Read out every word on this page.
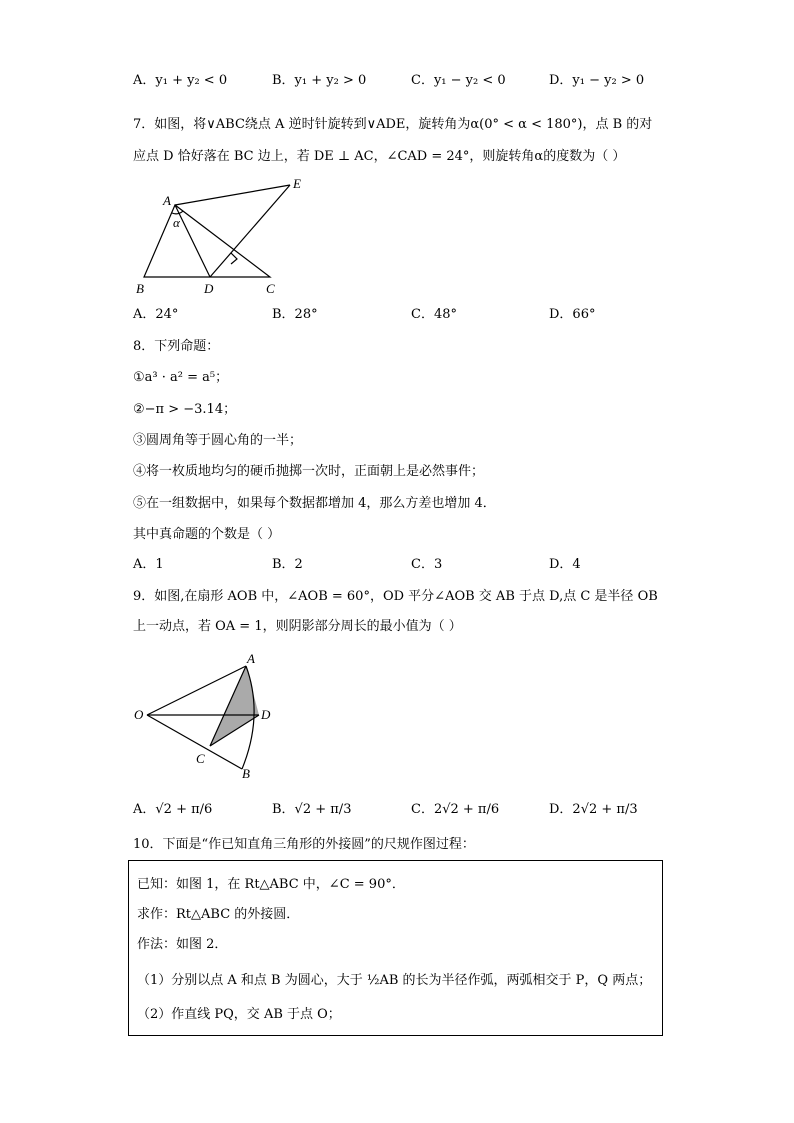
A．y₁ + y₂ < 0	B．y₁ + y₂ > 0	C．y₁ − y₂ < 0	D．y₁ − y₂ > 0
7．如图，将∨ABC绕点 A 逆时针旋转到∨ADE，旋转角为α(0° < α < 180°)，点 B 的对
应点 D 恰好落在 BC 边上，若 DE ⊥ AC，∠CAD = 24°，则旋转角α的度数为（ ）
A
E
B	D	C
α
A．24°	B．28°	C．48°	D．66°
8．下列命题：
①a³ · a² = a⁵；
②−π > −3.14；
③圆周角等于圆心角的一半；
④将一枚质地均匀的硬币抛掷一次时，正面朝上是必然事件；
⑤在一组数据中，如果每个数据都增加 4，那么方差也增加 4．
其中真命题的个数是（ ）
A．1	B．2	C．3	D．4
9．如图,在扇形 AOB 中，∠AOB = 60°，OD 平分∠AOB 交 AB 于点 D,点 C 是半径 OB
上一动点，若 OA = 1，则阴影部分周长的最小值为（ ）
A
O	D
C
B
A．√2 + π/6	B．√2 + π/3	C．2√2 + π/6	D．2√2 + π/3
10．下面是“作已知直角三角形的外接圆”的尺规作图过程：
已知：如图 1，在 Rt△ABC 中，∠C = 90°．
求作：Rt△ABC 的外接圆．
作法：如图 2．
（1）分别以点 A 和点 B 为圆心，大于 ½AB 的长为半径作弧，两弧相交于 P，Q 两点；
（2）作直线 PQ，交 AB 于点 O；
